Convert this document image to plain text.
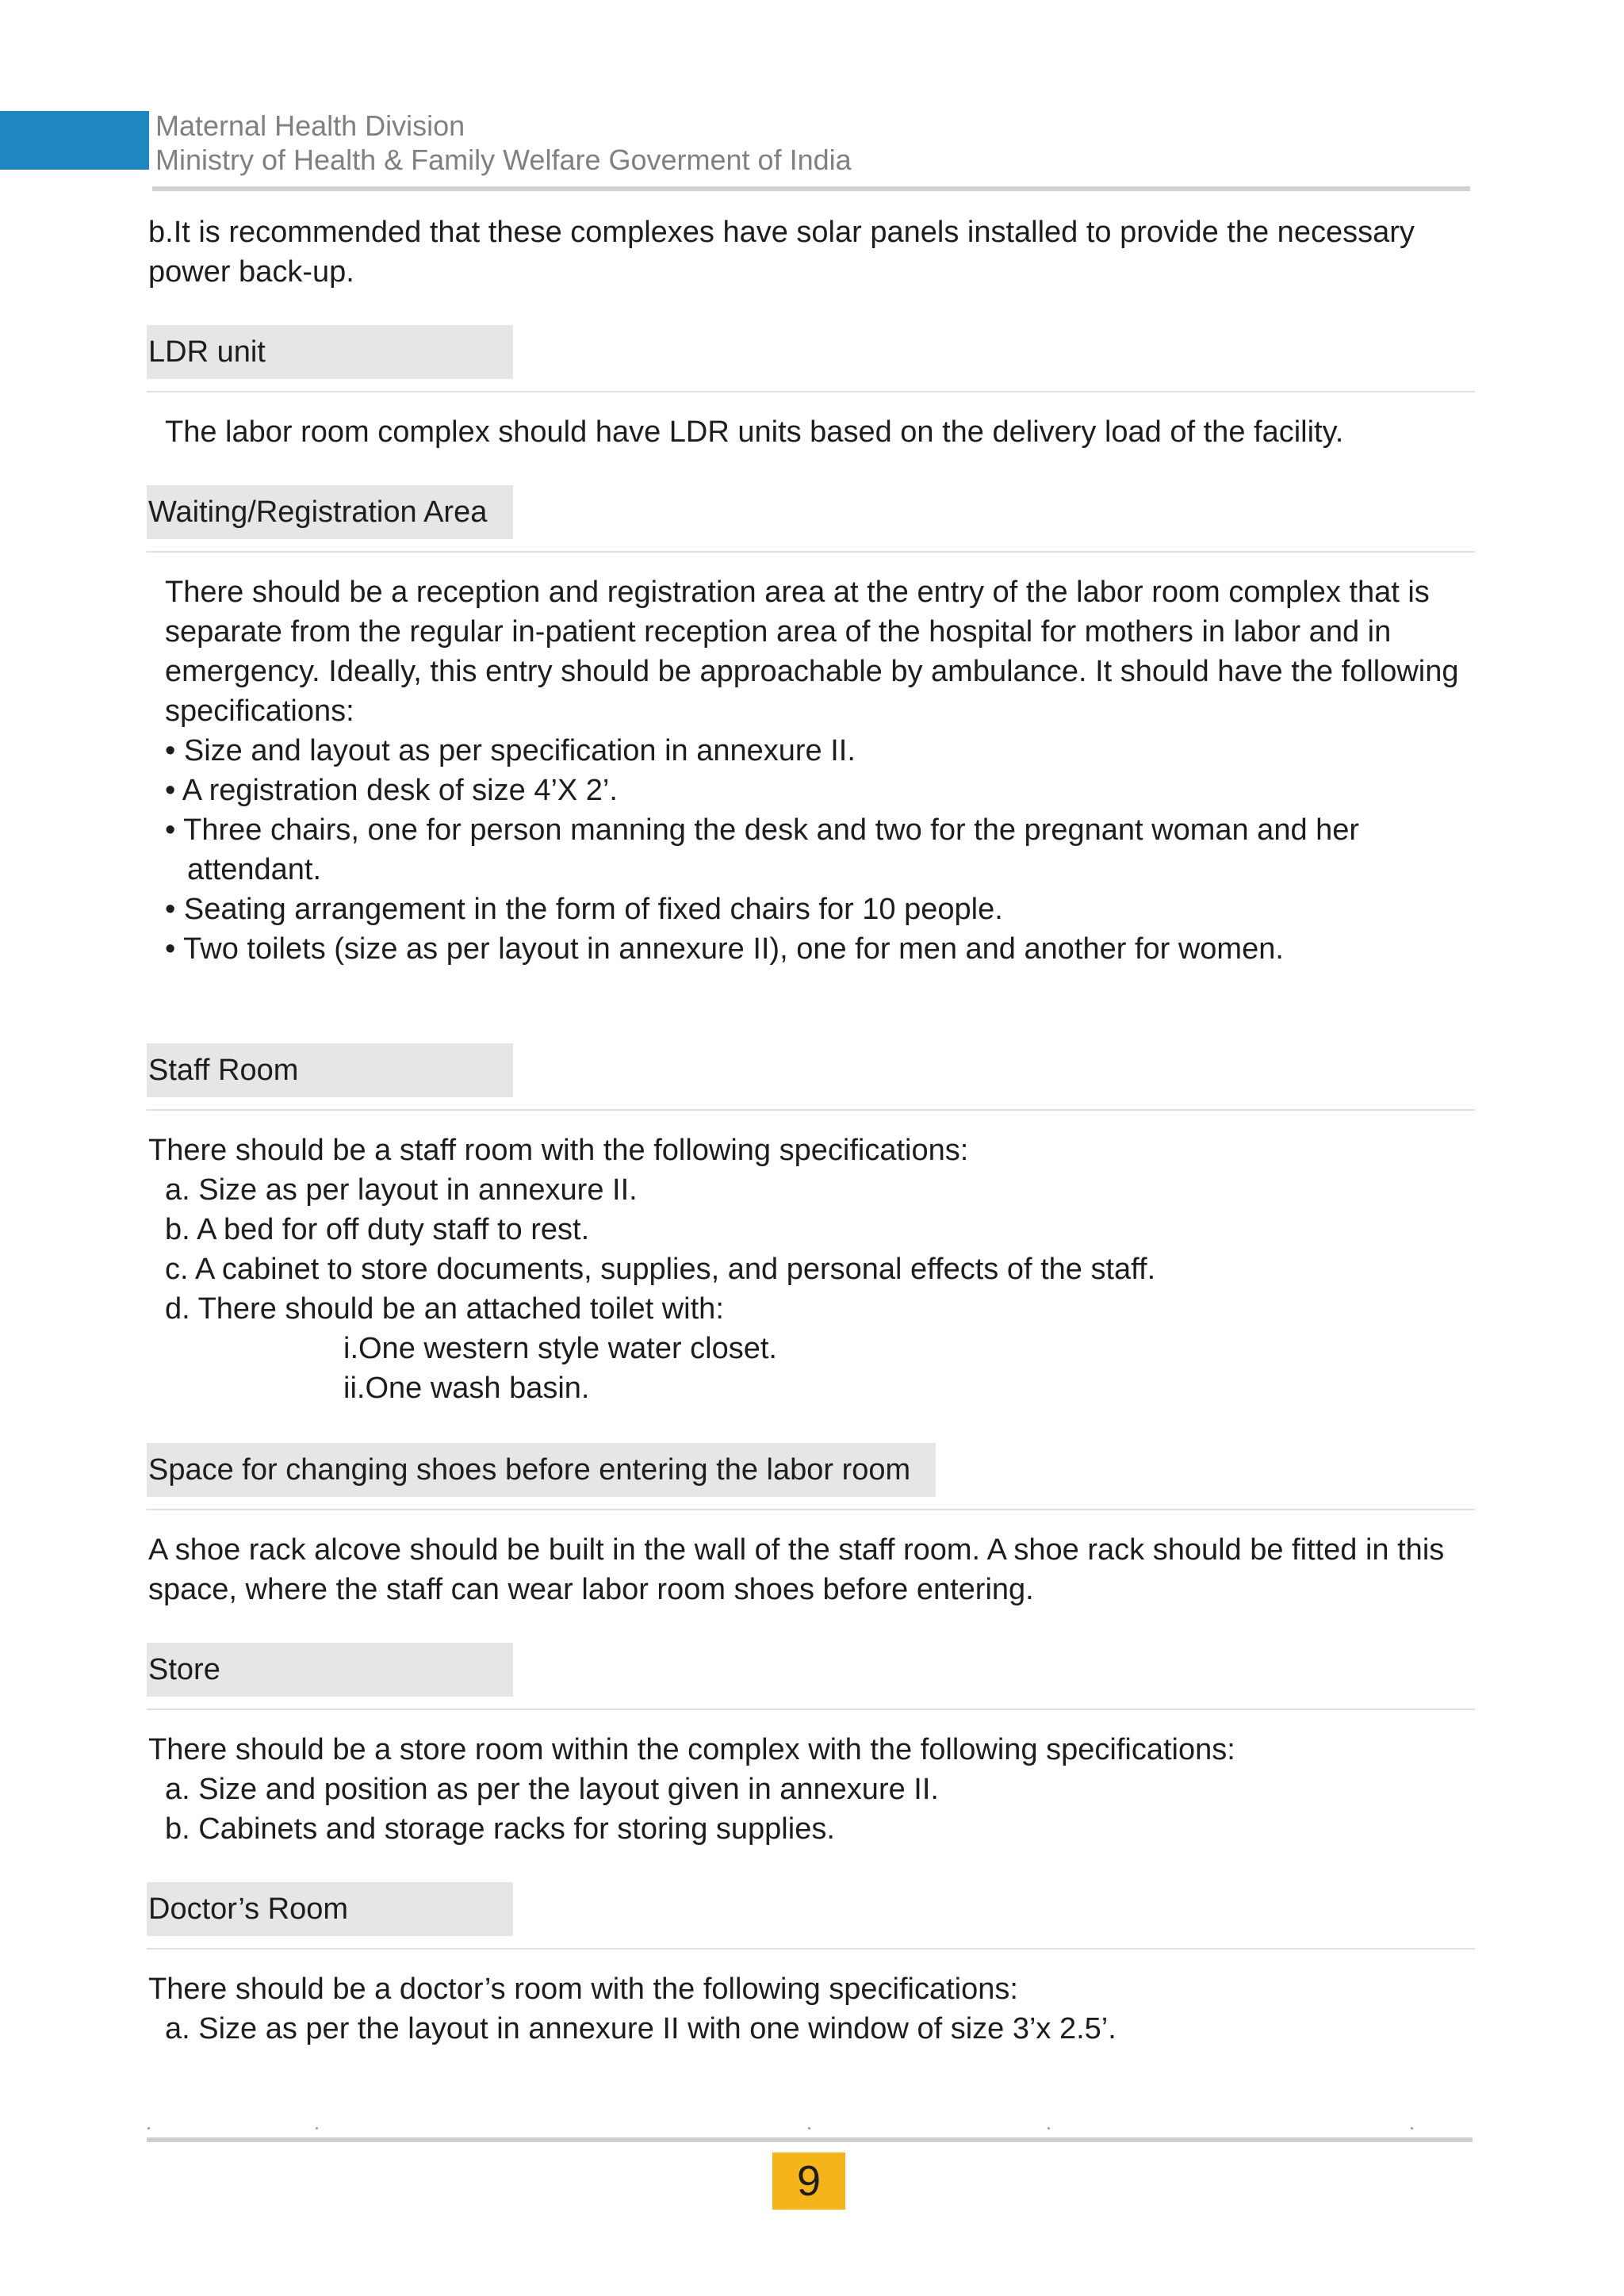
Maternal Health Division
Ministry of Health & Family Welfare Goverment of India
b.It is recommended that these complexes have solar panels installed to provide the necessary
power back-up.
LDR unit
The labor room complex should have LDR units based on the delivery load of the facility.
Waiting/Registration Area
There should be a reception and registration area at the entry of the labor room complex that is
separate from the regular in-patient reception area of the hospital for mothers in labor and in
emergency. Ideally, this entry should be approachable by ambulance. It should have the following
specifications:
• Size and layout as per specification in annexure II.
• A registration desk of size 4’X 2’.
• Three chairs, one for person manning the desk and two for the pregnant woman and her
attendant.
• Seating arrangement in the form of fixed chairs for 10 people.
• Two toilets (size as per layout in annexure II), one for men and another for women.
Staff Room
There should be a staff room with the following specifications:
a. Size as per layout in annexure II.
b. A bed for off duty staff to rest.
c. A cabinet to store documents, supplies, and personal effects of the staff.
d. There should be an attached toilet with:
i.One western style water closet.
ii.One wash basin.
Space for changing shoes before entering the labor room
A shoe rack alcove should be built in the wall of the staff room. A shoe rack should be fitted in this
space, where the staff can wear labor room shoes before entering.
Store
There should be a store room within the complex with the following specifications:
a. Size and position as per the layout given in annexure II.
b. Cabinets and storage racks for storing supplies.
Doctor’s Room
There should be a doctor’s room with the following specifications:
a. Size as per the layout in annexure II with one window of size 3’x 2.5’.
9
